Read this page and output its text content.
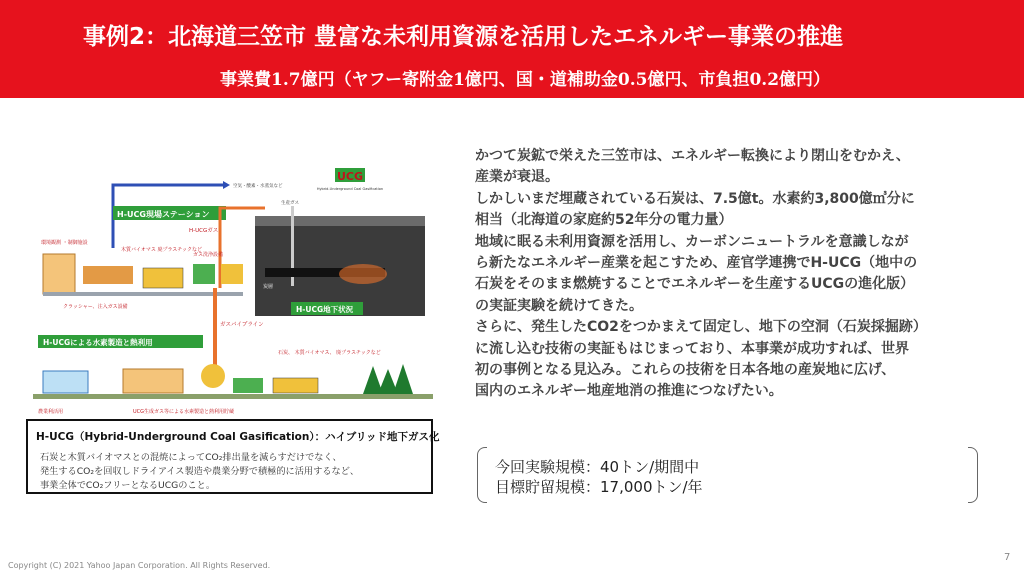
事例2：北海道三笠市 豊富な未利用資源を活用したエネルギー事業の推進
事業費1.7億円（ヤフー寄附金1億円、国・道補助金0.5億円、市負担0.2億円）
UCG
Hybrid-Underground Coal Gasification
空気・酸素・水蒸気など
H-UCG現場ステーション
H-UCGガス
環境観測 ・制御施設
木質バイオマス 廃プラスチックなど
ガス洗浄設備
クラッシャー、注入ガス設備
生産ガス
炭層
H-UCG地下状況
ガスパイプライン
H-UCGによる水素製造と熱利用
石炭、 木質バイオマス、 廃プラスチックなど
農業利活用	UCG生成ガス等による水素製造と熱利用貯蔵
H-UCG（Hybrid-Underground Coal Gasification）：ハイブリッド地下ガス化
石炭と木質バイオマスとの混焼によってCO₂排出量を減らすだけでなく、
発生するCO₂を回収しドライアイス製造や農業分野で積極的に活用するなど、
事業全体でCO₂フリーとなるUCGのこと。

かつて炭鉱で栄えた三笠市は、エネルギー転換により閉山をむかえ、

産業が衰退。

しかしいまだ埋蔵されている石炭は、7.5億t。水素約3,800億㎥分に

相当（北海道の家庭約52年分の電力量）

地域に眠る未利用資源を活用し、カーボンニュートラルを意識しなが

ら新たなエネルギー産業を起こすため、産官学連携でH-UCG（地中の

石炭をそのまま燃焼することでエネルギーを生産するUCGの進化版）

の実証実験を続けてきた。

さらに、発生したCO2をつかまえて固定し、地下の空洞（石炭採掘跡）

に流し込む技術の実証もはじまっており、本事業が成功すれば、世界

初の事例となる見込み。これらの技術を日本各地の産炭地に広げ、

国内のエネルギー地産地消の推進につなげたい。

今回実験規模：40トン/期間中
目標貯留規模：17,000トン/年
Copyright (C) 2021 Yahoo Japan Corporation. All Rights Reserved.
7
